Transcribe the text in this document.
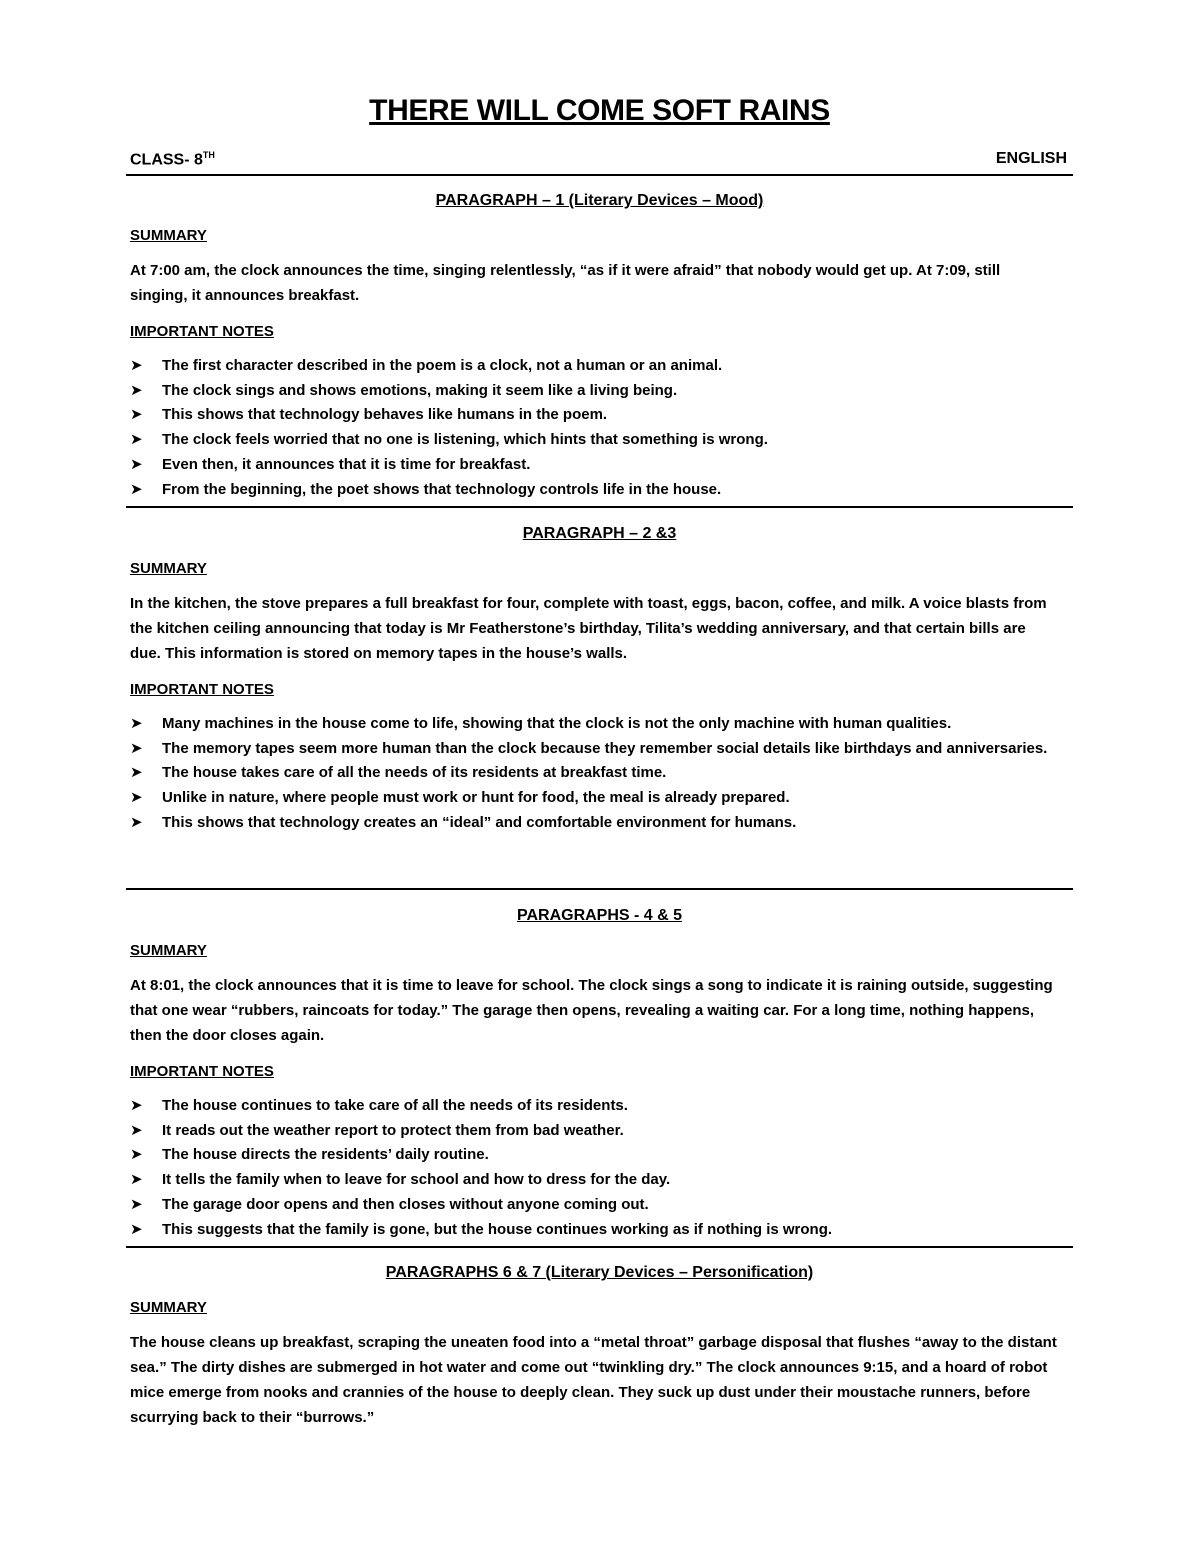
THERE WILL COME SOFT RAINS
CLASS- 8TH	ENGLISH

PARAGRAPH – 1 (Literary Devices – Mood)

SUMMARY

At 7:00 am, the clock announces the time, singing relentlessly, “as if it were afraid” that nobody would get up. At 7:09, still singing, it announces breakfast.

IMPORTANT NOTES

➤ The first character described in the poem is a clock, not a human or an animal.
➤ The clock sings and shows emotions, making it seem like a living being.
➤ This shows that technology behaves like humans in the poem.
➤ The clock feels worried that no one is listening, which hints that something is wrong.
➤ Even then, it announces that it is time for breakfast.
➤ From the beginning, the poet shows that technology controls life in the house.

PARAGRAPH – 2 &3

SUMMARY

In the kitchen, the stove prepares a full breakfast for four, complete with toast, eggs, bacon, coffee, and milk. A voice blasts from the kitchen ceiling announcing that today is Mr Featherstone’s birthday, Tilita’s wedding anniversary, and that certain bills are due. This information is stored on memory tapes in the house’s walls.

IMPORTANT NOTES

➤ Many machines in the house come to life, showing that the clock is not the only machine with human qualities.
➤ The memory tapes seem more human than the clock because they remember social details like birthdays and anniversaries.
➤ The house takes care of all the needs of its residents at breakfast time.
➤ Unlike in nature, where people must work or hunt for food, the meal is already prepared.
➤ This shows that technology creates an “ideal” and comfortable environment for humans.

PARAGRAPHS - 4 & 5

SUMMARY

At 8:01, the clock announces that it is time to leave for school. The clock sings a song to indicate it is raining outside, suggesting that one wear “rubbers, raincoats for today.” The garage then opens, revealing a waiting car. For a long time, nothing happens, then the door closes again.

IMPORTANT NOTES

➤ The house continues to take care of all the needs of its residents.
➤ It reads out the weather report to protect them from bad weather.
➤ The house directs the residents’ daily routine.
➤ It tells the family when to leave for school and how to dress for the day.
➤ The garage door opens and then closes without anyone coming out.
➤ This suggests that the family is gone, but the house continues working as if nothing is wrong.

PARAGRAPHS 6 & 7 (Literary Devices – Personification)

SUMMARY

The house cleans up breakfast, scraping the uneaten food into a “metal throat” garbage disposal that flushes “away to the distant sea.” The dirty dishes are submerged in hot water and come out “twinkling dry.” The clock announces 9:15, and a hoard of robot mice emerge from nooks and crannies of the house to deeply clean. They suck up dust under their moustache runners, before scurrying back to their “burrows.”
